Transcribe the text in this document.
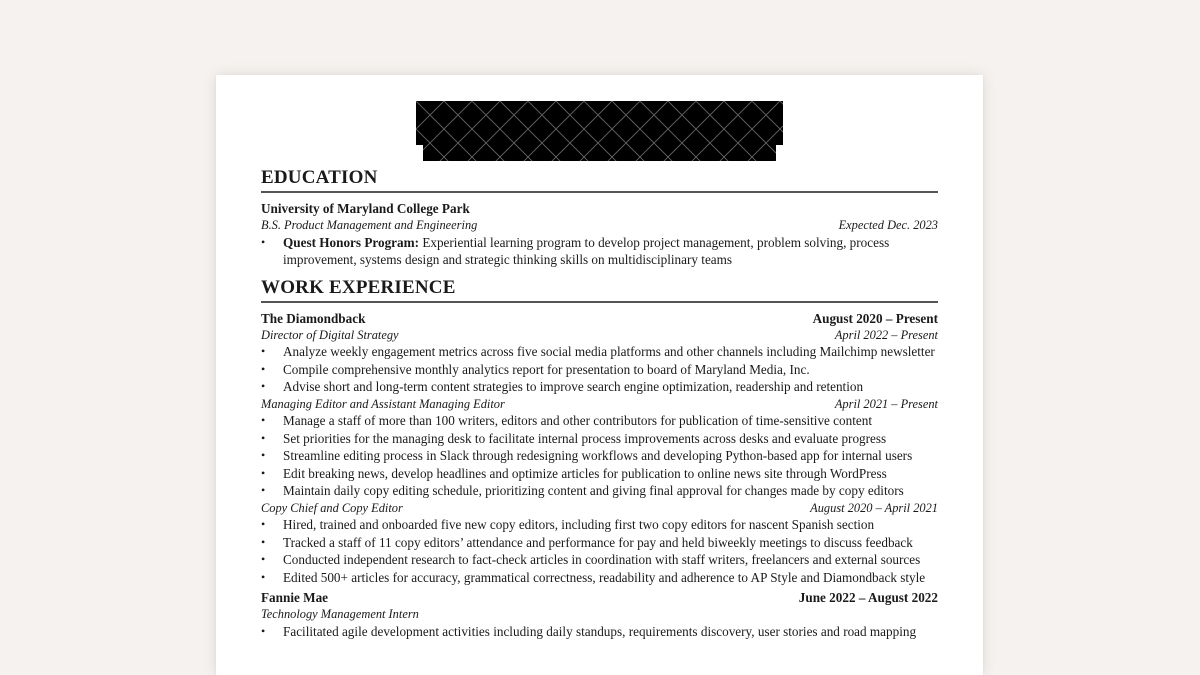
EDUCATION
University of Maryland College Park
B.S. Product Management and Engineering	Expected Dec. 2023
•	Quest Honors Program: Experiential learning program to develop project management, problem solving, process improvement, systems design and strategic thinking skills on multidisciplinary teams
WORK EXPERIENCE
The Diamondback	August 2020 – Present
Director of Digital Strategy	April 2022 – Present
•	Analyze weekly engagement metrics across five social media platforms and other channels including Mailchimp newsletter
•	Compile comprehensive monthly analytics report for presentation to board of Maryland Media, Inc.
•	Advise short and long-term content strategies to improve search engine optimization, readership and retention
Managing Editor and Assistant Managing Editor	April 2021 – Present
•	Manage a staff of more than 100 writers, editors and other contributors for publication of time-sensitive content
•	Set priorities for the managing desk to facilitate internal process improvements across desks and evaluate progress
•	Streamline editing process in Slack through redesigning workflows and developing Python-based app for internal users
•	Edit breaking news, develop headlines and optimize articles for publication to online news site through WordPress
•	Maintain daily copy editing schedule, prioritizing content and giving final approval for changes made by copy editors
Copy Chief and Copy Editor	August 2020 – April 2021
•	Hired, trained and onboarded five new copy editors, including first two copy editors for nascent Spanish section
•	Tracked a staff of 11 copy editors’ attendance and performance for pay and held biweekly meetings to discuss feedback
•	Conducted independent research to fact-check articles in coordination with staff writers, freelancers and external sources
•	Edited 500+ articles for accuracy, grammatical correctness, readability and adherence to AP Style and Diamondback style
Fannie Mae	June 2022 – August 2022
Technology Management Intern
•	Facilitated agile development activities including daily standups, requirements discovery, user stories and road mapping
